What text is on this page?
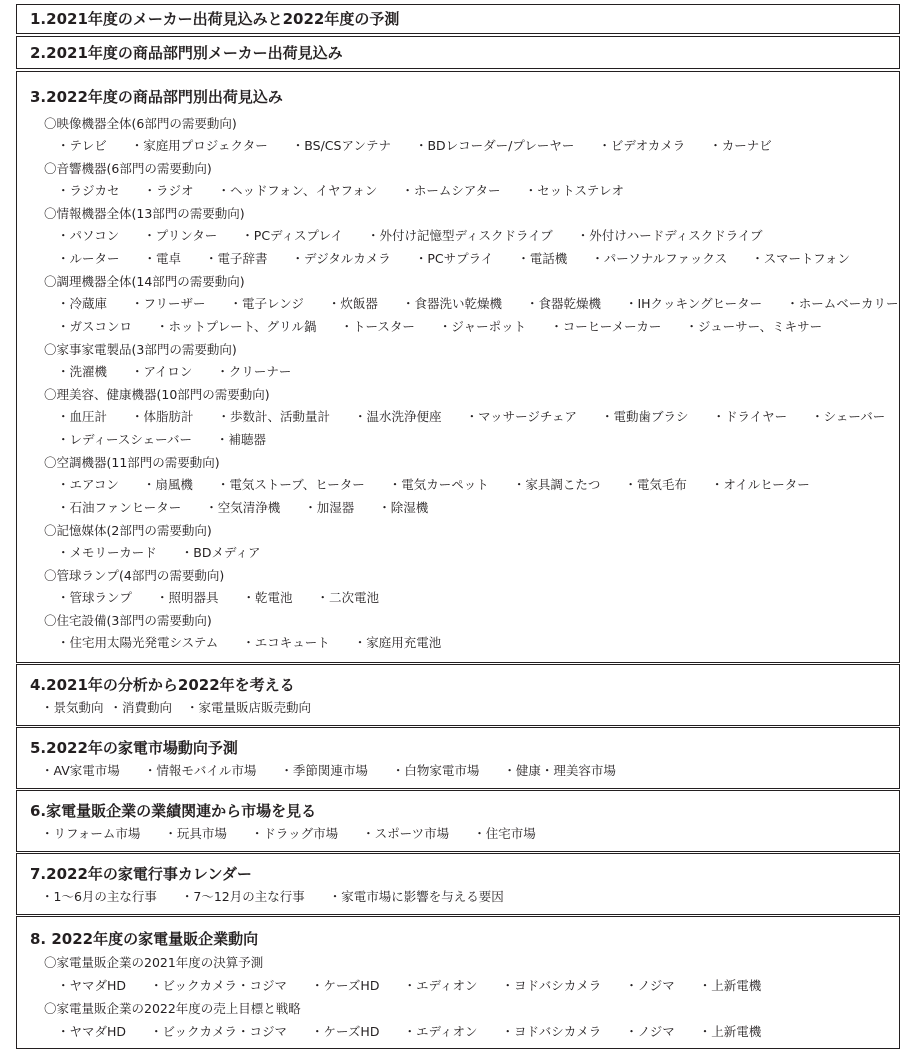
1.2021年度のメーカー出荷見込みと2022年度の予測
2.2021年度の商品部門別メーカー出荷見込み
3.2022年度の商品部門別出荷見込み
〇映像機器全体(6部門の需要動向)
・テレビ ・家庭用プロジェクター ・BS/CSアンテナ ・BDレコーダー/プレーヤー ・ビデオカメラ ・カーナビ
〇音響機器(6部門の需要動向)
・ラジカセ ・ラジオ ・ヘッドフォン、イヤフォン ・ホームシアター ・セットステレオ
〇情報機器全体(13部門の需要動向)
・パソコン ・プリンター ・PCディスプレイ ・外付け記憶型ディスクドライブ ・外付けハードディスクドライブ
・ルーター ・電卓 ・電子辞書 ・デジタルカメラ ・PCサプライ ・電話機 ・パーソナルファックス ・スマートフォン
〇調理機器全体(14部門の需要動向)
・冷蔵庫 ・フリーザー ・電子レンジ ・炊飯器 ・食器洗い乾燥機 ・食器乾燥機 ・IHクッキングヒーター ・ホームベーカリー
・ガスコンロ ・ホットプレート、グリル鍋 ・トースター ・ジャーポット ・コーヒーメーカー ・ジューサー、ミキサー
〇家事家電製品(3部門の需要動向)
・洗濯機 ・アイロン ・クリーナー
〇理美容、健康機器(10部門の需要動向)
・血圧計 ・体脂肪計 ・歩数計、活動量計 ・温水洗浄便座 ・マッサージチェア ・電動歯ブラシ ・ドライヤー ・シェーバー
・レディースシェーバー ・補聴器
〇空調機器(11部門の需要動向)
・エアコン ・扇風機 ・電気ストーブ、ヒーター ・電気カーペット ・家具調こたつ ・電気毛布 ・オイルヒーター
・石油ファンヒーター ・空気清浄機 ・加湿器 ・除湿機
〇記憶媒体(2部門の需要動向)
・メモリーカード ・BDメディア
〇管球ランプ(4部門の需要動向)
・管球ランプ ・照明器具 ・乾電池 ・二次電池
〇住宅設備(3部門の需要動向)
・住宅用太陽光発電システム ・エコキュート ・家庭用充電池
4.2021年の分析から2022年を考える
・景気動向 ・消費動向 ・家電量販店販売動向
5.2022年の家電市場動向予測
・AV家電市場 ・情報モバイル市場 ・季節関連市場 ・白物家電市場 ・健康・理美容市場
6.家電量販企業の業績関連から市場を見る
・リフォーム市場 ・玩具市場 ・ドラッグ市場 ・スポーツ市場 ・住宅市場
7.2022年の家電行事カレンダー
・1〜6月の主な行事 ・7〜12月の主な行事 ・家電市場に影響を与える要因
8. 2022年度の家電量販企業動向
〇家電量販企業の2021年度の決算予測
・ヤマダHD ・ビックカメラ・コジマ ・ケーズHD ・エディオン ・ヨドバシカメラ ・ノジマ ・上新電機
〇家電量販企業の2022年度の売上目標と戦略
・ヤマダHD ・ビックカメラ・コジマ ・ケーズHD ・エディオン ・ヨドバシカメラ ・ノジマ ・上新電機
